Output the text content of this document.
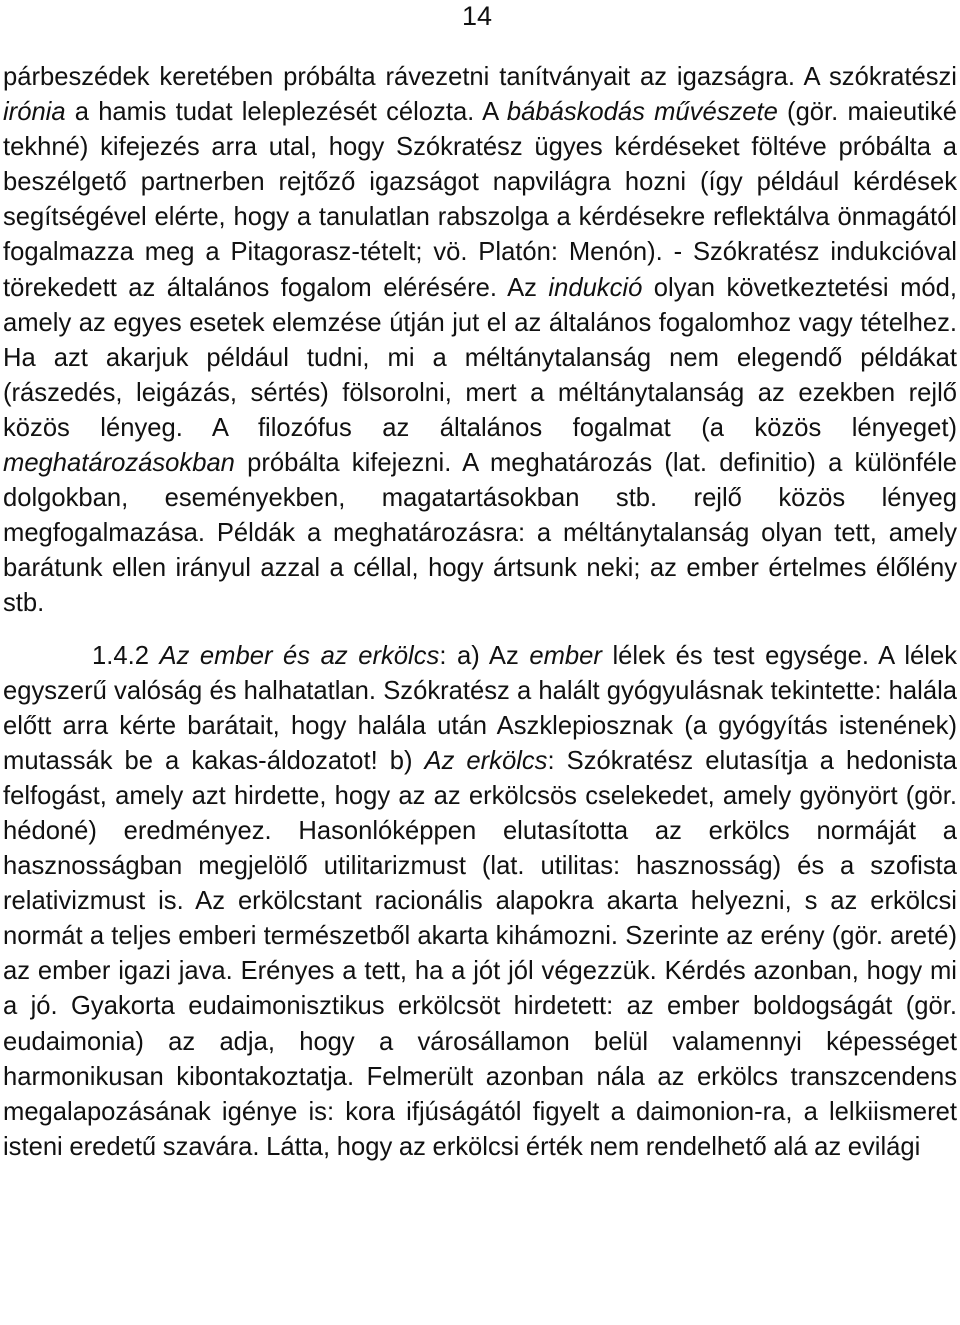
14

párbeszédek keretében próbálta rávezetni tanítványait az igazságra. A szókratészi irónia a hamis tudat leleplezését célozta. A bábáskodás művészete (gör. maieutiké tekhné) kifejezés arra utal, hogy Szókratész ügyes kérdéseket föltéve próbálta a beszélgető partnerben rejtőző igazságot napvilágra hozni (így például kérdések segítségével elérte, hogy a tanulatlan rabszolga a kérdésekre reflektálva önmagától fogalmazza meg a Pitagorasz-tételt; vö. Platón: Menón). - Szókratész indukcióval törekedett az általános fogalom elérésére. Az indukció olyan következtetési mód, amely az egyes esetek elemzése útján jut el az általános fogalomhoz vagy tételhez. Ha azt akarjuk például tudni, mi a méltánytalanság nem elegendő példákat (rászedés, leigázás, sértés) fölsorolni, mert a méltánytalanság az ezekben rejlő közös lényeg. A filozófus az általános fogalmat (a közös lényeget) meghatározásokban próbálta kifejezni. A meghatározás (lat. definitio) a különféle dolgokban, eseményekben, magatartásokban stb. rejlő közös lényeg megfogalmazása. Példák a meghatározásra: a méltánytalanság olyan tett, amely barátunk ellen irányul azzal a céllal, hogy ártsunk neki; az ember értelmes élőlény stb.

1.4.2 Az ember és az erkölcs: a) Az ember lélek és test egysége. A lélek egyszerű valóság és halhatatlan. Szókratész a halált gyógyulásnak tekintette: halála előtt arra kérte barátait, hogy halála után Aszklepiosznak (a gyógyítás istenének) mutassák be a kakas-áldozatot! b) Az erkölcs: Szókratész elutasítja a hedonista felfogást, amely azt hirdette, hogy az az erkölcsös cselekedet, amely gyönyört (gör. hédoné) eredményez. Hasonlóképpen elutasította az erkölcs normáját a hasznosságban megjelölő utilitarizmust (lat. utilitas: hasznosság) és a szofista relativizmust is. Az erkölcstant racionális alapokra akarta helyezni, s az erkölcsi normát a teljes emberi természetből akarta kihámozni. Szerinte az erény (gör. areté) az ember igazi java. Erényes a tett, ha a jót jól végezzük. Kérdés azonban, hogy mi a jó. Gyakorta eudaimonisztikus erkölcsöt hirdetett: az ember boldogságát (gör. eudaimonia) az adja, hogy a városállamon belül valamennyi képességet harmonikusan kibontakoztatja. Felmerült azonban nála az erkölcs transzcendens megalapozásának igénye is: kora ifjúságától figyelt a daimonion-ra, a lelkiismeret isteni eredetű szavára. Látta, hogy az erkölcsi érték nem rendelhető alá az evilági
